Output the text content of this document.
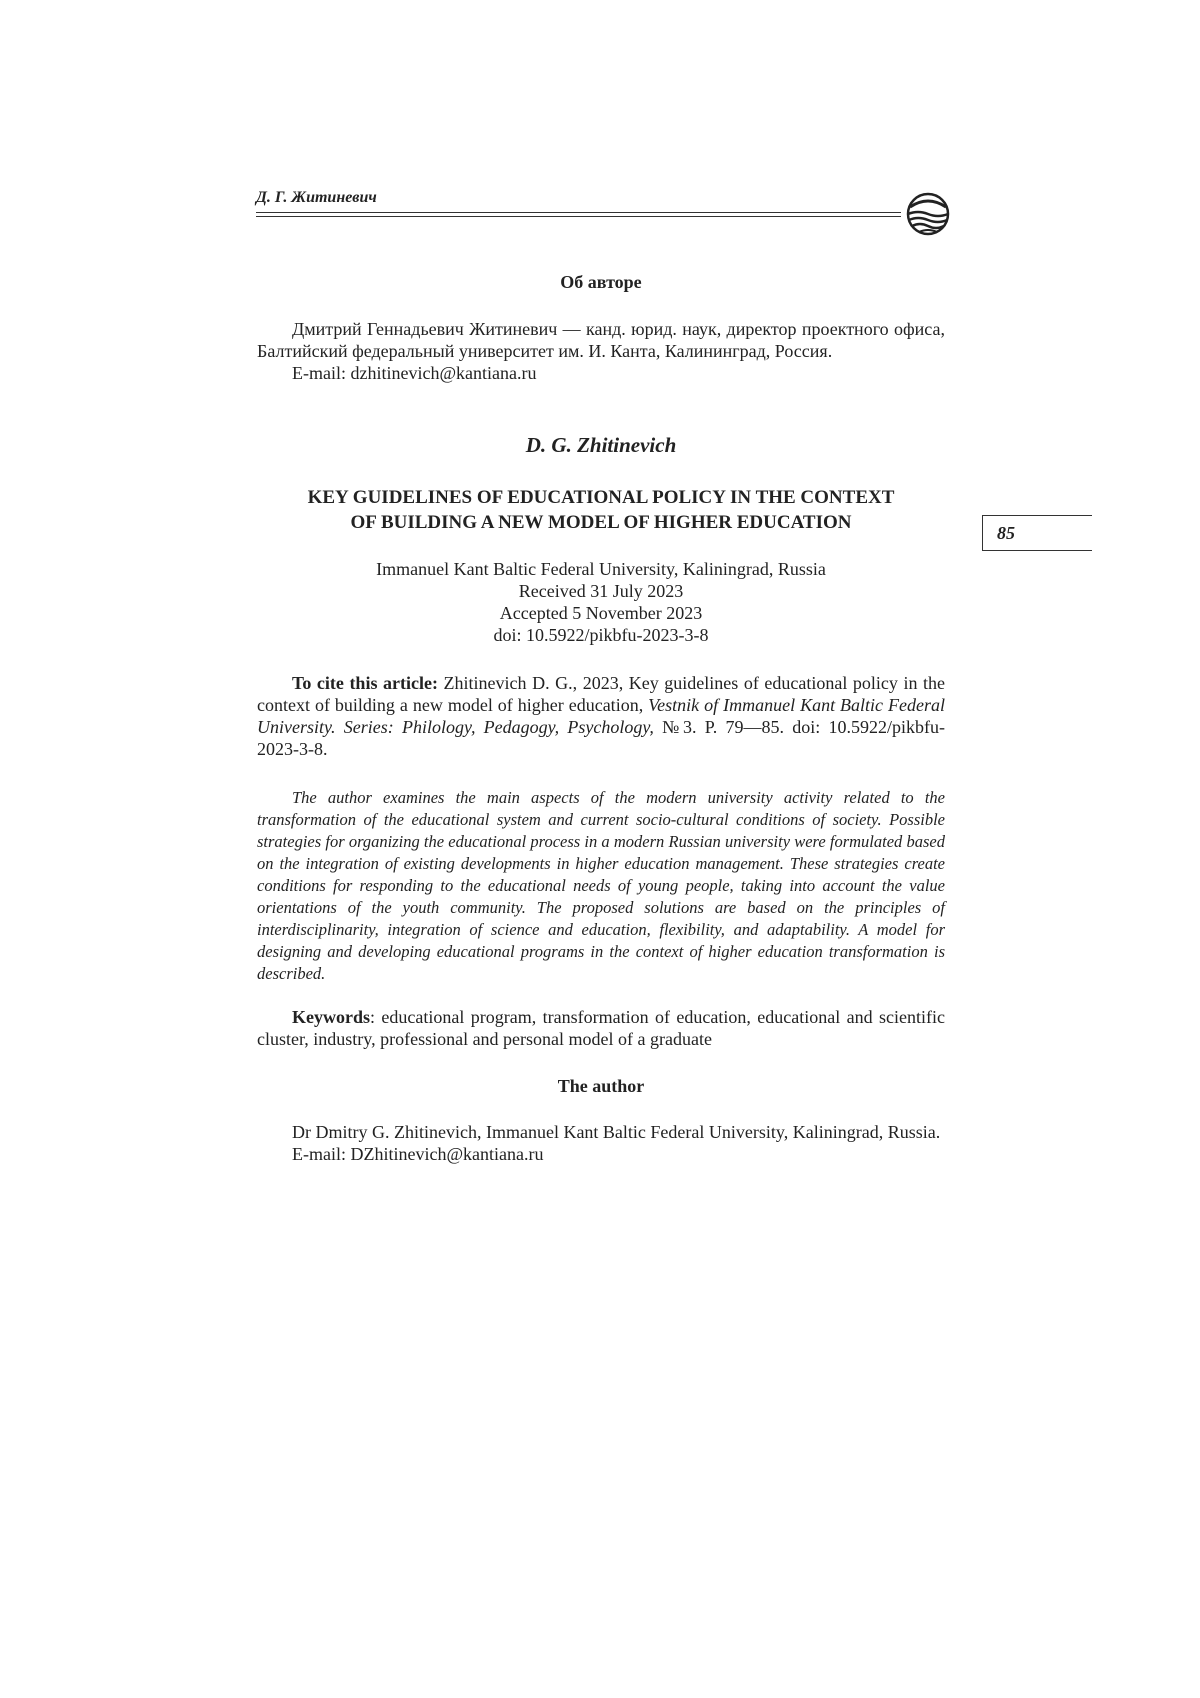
Д. Г. Житиневич
85
Об авторе

Дмитрий Геннадьевич Житиневич — канд. юрид. наук, директор проектного офиса, Балтийский федеральный университет им. И. Канта, Калининград, Россия.

E-mail: dzhitinevich@kantiana.ru

D. G. Zhitinevich

KEY GUIDELINES OF EDUCATIONAL POLICY IN THE CONTEXT

OF BUILDING A NEW MODEL OF HIGHER EDUCATION

Immanuel Kant Baltic Federal University, Kaliningrad, Russia

Received 31 July 2023

Accepted 5 November 2023

doi: 10.5922/pikbfu-2023-3-8

To cite this article: Zhitinevich D. G., 2023, Key guidelines of educational policy in the context of building a new model of higher education, Vestnik of Immanuel Kant Baltic Federal University. Series: Philology, Pedagogy, Psychology, №3. P. 79—85. doi: 10.5922/pikbfu-2023-3-8.
The author examines the main aspects of the modern university activity related to the transformation of the educational system and current socio-cultural conditions of society. Possible strategies for organizing the educational process in a modern Russian university were formulated based on the integration of existing developments in higher education management. These strategies create conditions for responding to the educational needs of young people, taking into account the value orientations of the youth community. The proposed solutions are based on the principles of interdisciplinarity, integration of science and education, flexibility, and adaptability. A model for designing and developing educational programs in the context of higher education transformation is described.
Keywords: educational program, transformation of education, educational and scientific cluster, industry, professional and personal model of a graduate
The author

Dr Dmitry G. Zhitinevich, Immanuel Kant Baltic Federal University, Kaliningrad, Russia.

E-mail: DZhitinevich@kantiana.ru
